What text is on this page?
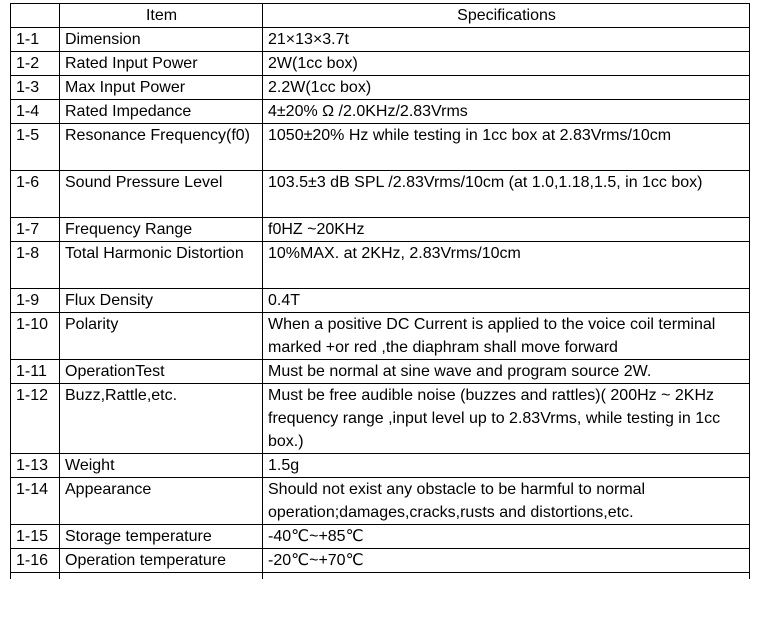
	Item	Specifications
1-1	Dimension	21×13×3.7t
1-2	Rated Input Power	2W(1cc box)
1-3	Max Input Power	2.2W(1cc box)
1-4	Rated Impedance	4±20% Ω /2.0KHz/2.83Vrms
1-5	Resonance Frequency(f0)	1050±20% Hz while testing in 1cc box at 2.83Vrms/10cm
1-6	Sound Pressure Level	103.5±3 dB SPL /2.83Vrms/10cm (at 1.0,1.18,1.5, in 1cc box)
1-7	Frequency Range	f0HZ ~20KHz
1-8	Total Harmonic Distortion	10%MAX. at 2KHz, 2.83Vrms/10cm
1-9	Flux Density	0.4T
1-10	Polarity	When a positive DC Current is applied to the voice coil terminal marked +or red ,the diaphram shall move forward
1-11	OperationTest	Must be normal at sine wave and program source 2W.
1-12	Buzz,Rattle,etc.	Must be free audible noise (buzzes and rattles)( 200Hz ~ 2KHz frequency range ,input level up to 2.83Vrms, while testing in 1cc box.)
1-13	Weight	1.5g
1-14	Appearance	Should not exist any obstacle to be harmful to normal operation;damages,cracks,rusts and distortions,etc.
1-15	Storage temperature	-40℃~+85℃
1-16	Operation temperature	-20℃~+70℃
